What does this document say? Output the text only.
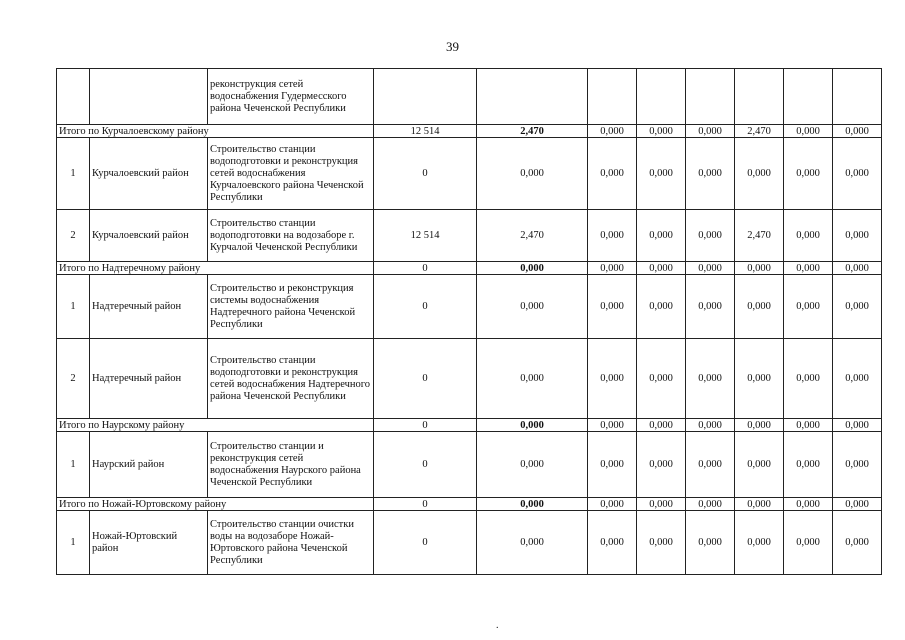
39
		реконструкция сетей водоснабжения Гудермесского района Чеченской Республики								
Итого по Курчалоевскому району			12 514	2,470	0,000	0,000	0,000	2,470	0,000	0,000
1	Курчалоевский район	Строительство станции водоподготовки и реконструкция сетей водоснабжения Курчалоевского района Чеченской Республики	0	0,000	0,000	0,000	0,000	0,000	0,000	0,000
2	Курчалоевский район	Строительство станции водоподготовки на водозаборе г. Курчалой Чеченской Республики	12 514	2,470	0,000	0,000	0,000	2,470	0,000	0,000
Итого по Надтеречному району			0	0,000	0,000	0,000	0,000	0,000	0,000	0,000
1	Надтеречный район	Строительство и реконструкция системы водоснабжения Надтеречного района Чеченской Республики	0	0,000	0,000	0,000	0,000	0,000	0,000	0,000
2	Надтеречный район	Строительство станции водоподготовки и реконструкция сетей водоснабжения Надтеречного района Чеченской Республики	0	0,000	0,000	0,000	0,000	0,000	0,000	0,000
Итого по Наурскому району			0	0,000	0,000	0,000	0,000	0,000	0,000	0,000
1	Наурский район	Строительство станции и реконструкция сетей водоснабжения Наурского района Чеченской Республики	0	0,000	0,000	0,000	0,000	0,000	0,000	0,000
Итого по Ножай-Юртовскому району			0	0,000	0,000	0,000	0,000	0,000	0,000	0,000
1	Ножай-Юртовский район	Строительство станции очистки воды на водозаборе Ножай-Юртовского района Чеченской Республики	0	0,000	0,000	0,000	0,000	0,000	0,000	0,000
.
